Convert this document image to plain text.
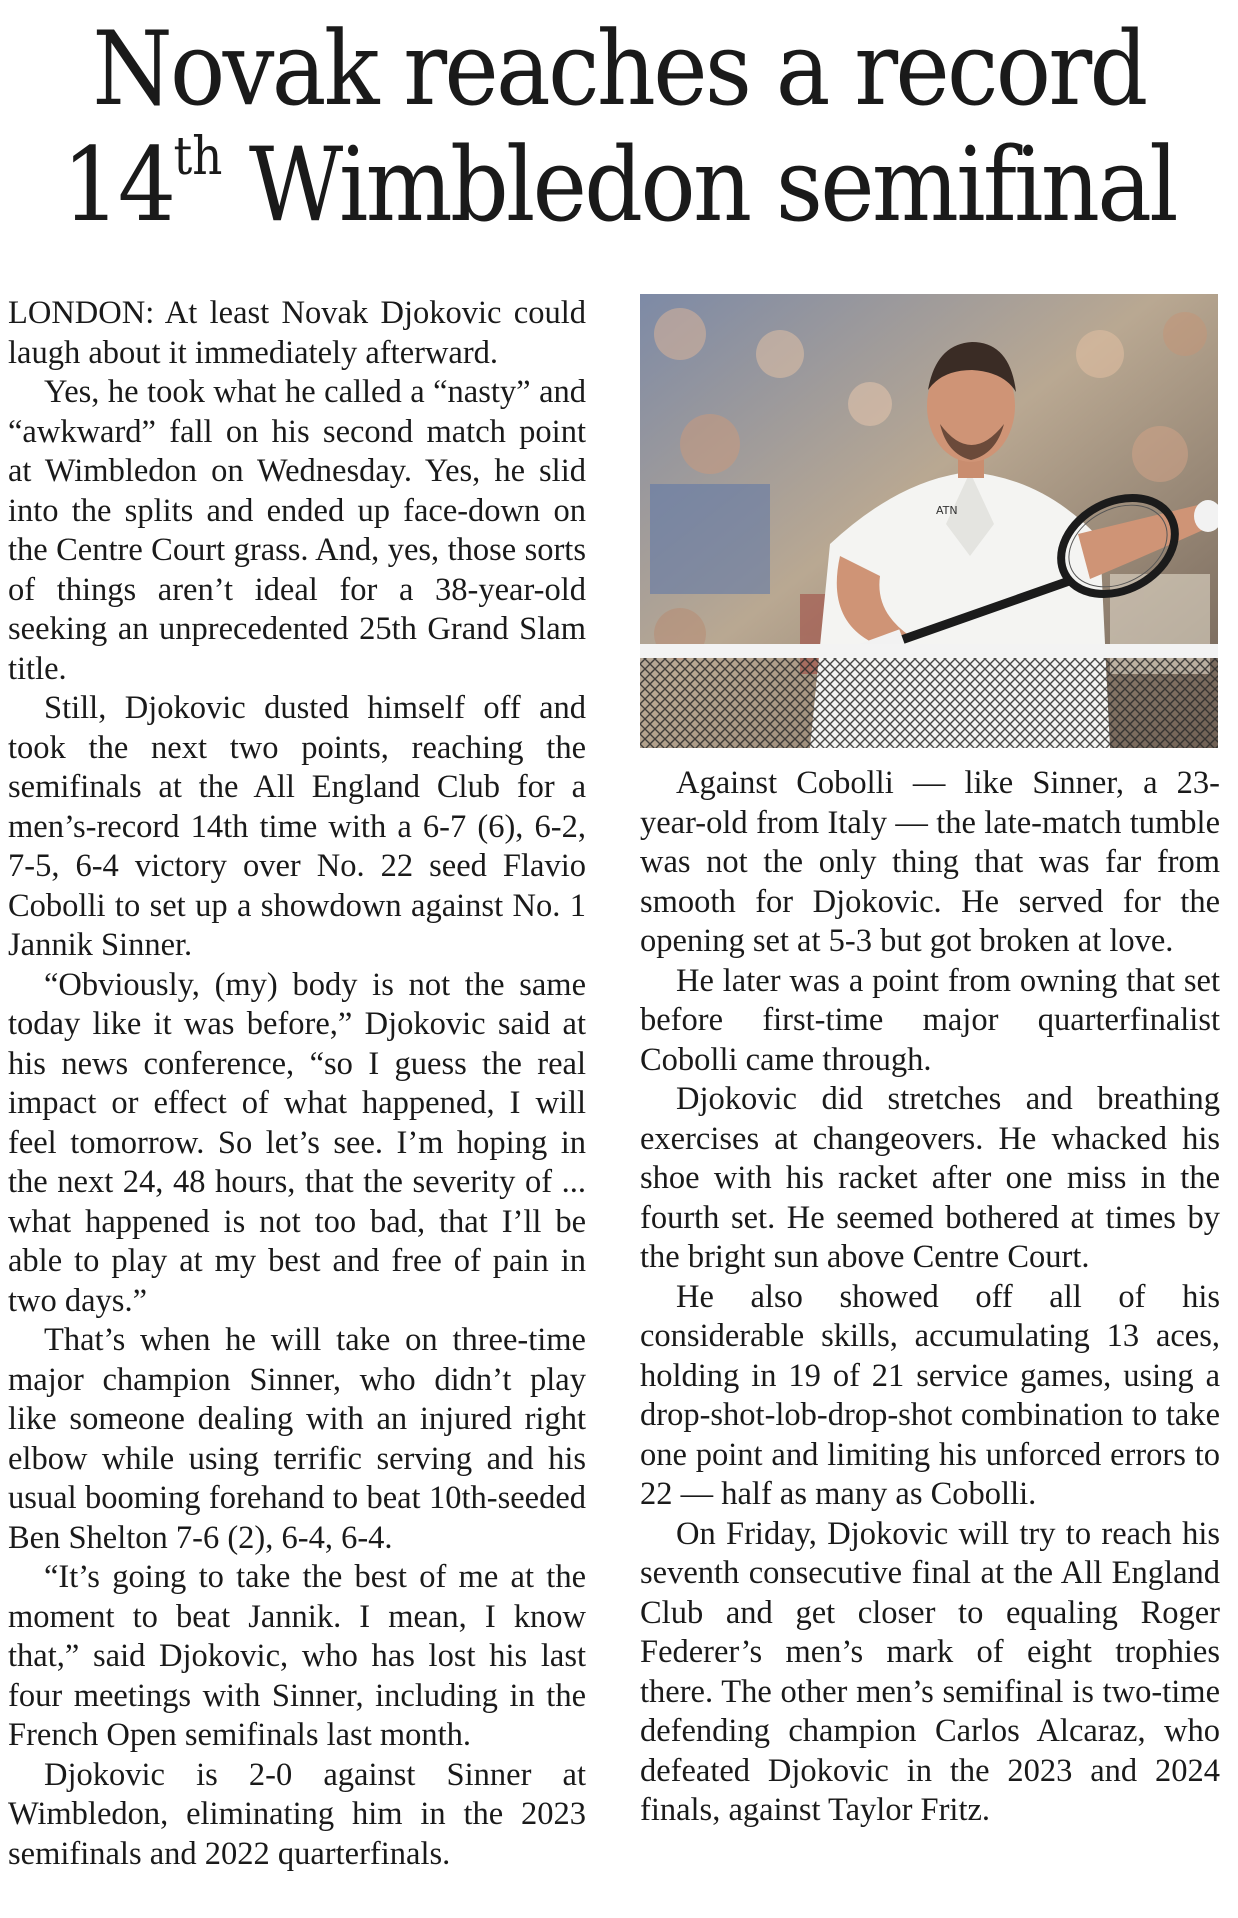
Novak reaches a record
14th Wimbledon semifinal

LONDON: At least Novak Djokovic could laugh about it immediately afterward.

Yes, he took what he called a “nasty” and “awkward” fall on his second match point at Wimbledon on Wednesday. Yes, he slid into the splits and ended up face-down on the Centre Court grass. And, yes, those sorts of things aren’t ideal for a 38-year-old seeking an unprecedented 25th Grand Slam title.

Still, Djokovic dusted himself off and took the next two points, reaching the semifinals at the All England Club for a men’s-record 14th time with a 6-7 (6), 6-2, 7-5, 6-4 victory over No. 22 seed Flavio Cobolli to set up a showdown against No. 1 Jannik Sinner.

“Obviously, (my) body is not the same today like it was before,” Djokovic said at his news conference, “so I guess the real impact or effect of what happened, I will feel tomorrow. So let’s see. I’m hoping in the next 24, 48 hours, that the severity of ... what happened is not too bad, that I’ll be able to play at my best and free of pain in two days.”

That’s when he will take on three-time major champion Sinner, who didn’t play like someone dealing with an injured right elbow while using terrific serving and his usual booming forehand to beat 10th-seeded Ben Shelton 7-6 (2), 6-4, 6-4.

“It’s going to take the best of me at the moment to beat Jannik. I mean, I know that,” said Djokovic, who has lost his last four meetings with Sinner, including in the French Open semifinals last month.

Djokovic is 2-0 against Sinner at Wimbledon, eliminating him in the 2023 semifinals and 2022 quarterfinals.

ATN

Against Cobolli — like Sinner, a 23-year-old from Italy — the late-match tumble was not the only thing that was far from smooth for Djokovic. He served for the opening set at 5-3 but got broken at love.

He later was a point from owning that set before first-time major quarterfinalist Cobolli came through.

Djokovic did stretches and breathing exercises at changeovers. He whacked his shoe with his racket after one miss in the fourth set. He seemed bothered at times by the bright sun above Centre Court.

He also showed off all of his considerable skills, accumulating 13 aces, holding in 19 of 21 service games, using a drop-shot-lob-drop-shot combination to take one point and limiting his unforced errors to 22 — half as many as Cobolli.

On Friday, Djokovic will try to reach his seventh consecutive final at the All England Club and get closer to equaling Roger Federer’s men’s mark of eight trophies there. The other men’s semifinal is two-time defending champion Carlos Alcaraz, who defeated Djokovic in the 2023 and 2024 finals, against Taylor Fritz.
